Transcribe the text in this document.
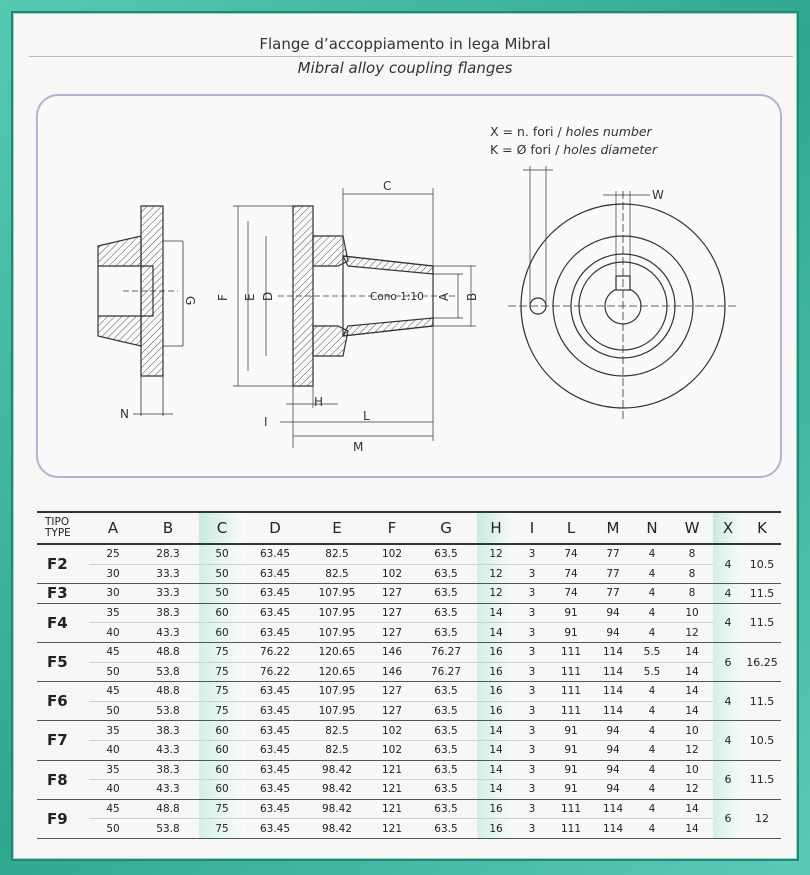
Flange d’accoppiamento in lega Mibral
Mibral alloy coupling flanges
G
N
Cono 1:10
F E D
C
A B
H
I	L
M
W
X = n. fori / holes number
K = Ø fori / holes diameter
TIPO
TYPE	A	B	C	D	E	F	G	H	I	L	M	N	W	X	K
F2	25	28.3	50	63.45	82.5	102	63.5	12	3	74	77	4	8	4	10.5
	30	33.3	50	63.45	82.5	102	63.5	12	3	74	77	4	8		
F3	30	33.3	50	63.45	107.95	127	63.5	12	3	74	77	4	8	4	11.5
F4	35	38.3	60	63.45	107.95	127	63.5	14	3	91	94	4	10	4	11.5
	40	43.3	60	63.45	107.95	127	63.5	14	3	91	94	4	12		
F5	45	48.8	75	76.22	120.65	146	76.27	16	3	111	114	5.5	14	6	16.25
	50	53.8	75	76.22	120.65	146	76.27	16	3	111	114	5.5	14		
F6	45	48.8	75	63.45	107.95	127	63.5	16	3	111	114	4	14	4	11.5
	50	53.8	75	63.45	107.95	127	63.5	16	3	111	114	4	14		
F7	35	38.3	60	63.45	82.5	102	63.5	14	3	91	94	4	10	4	10.5
	40	43.3	60	63.45	82.5	102	63.5	14	3	91	94	4	12		
F8	35	38.3	60	63.45	98.42	121	63.5	14	3	91	94	4	10	6	11.5
	40	43.3	60	63.45	98.42	121	63.5	14	3	91	94	4	12		
F9	45	48.8	75	63.45	98.42	121	63.5	16	3	111	114	4	14	6	12
	50	53.8	75	63.45	98.42	121	63.5	16	3	111	114	4	14		
